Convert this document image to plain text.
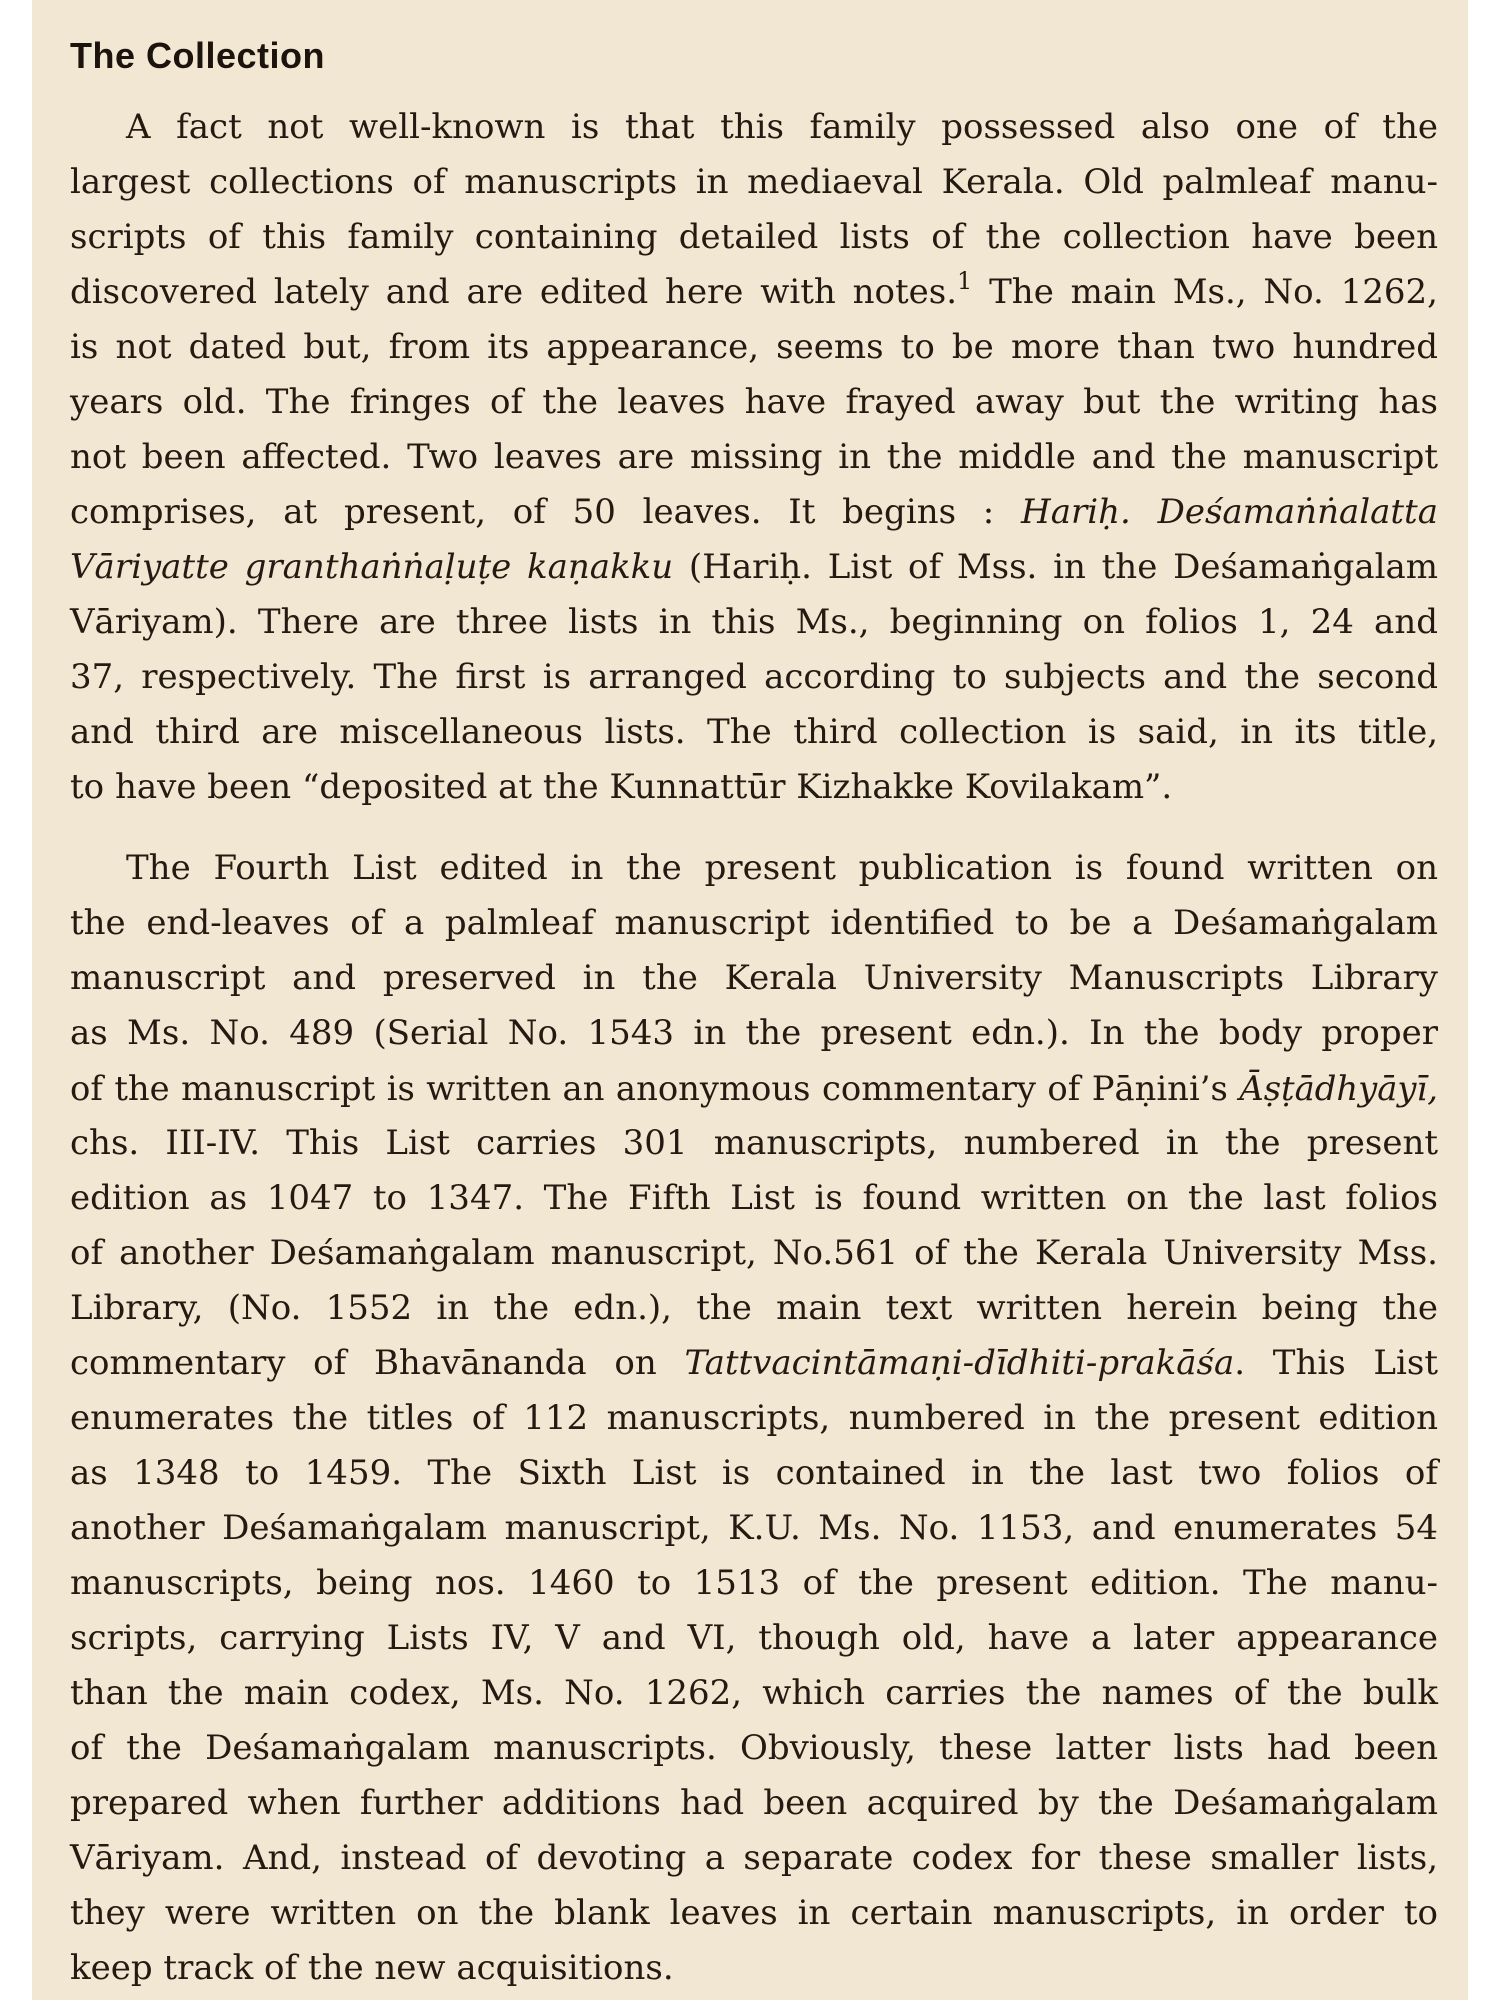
The Collection

A fact not well-known is that this family possessed also one of the
largest collections of manuscripts in mediaeval Kerala. Old palmleaf manu-
scripts of this family containing detailed lists of the collection have been
discovered lately and are edited here with notes.$^1$ The main Ms., No. 1262,
is not dated but, from its appearance, seems to be more than two hundred
years old. The fringes of the leaves have frayed away but the writing has
not been affected. Two leaves are missing in the middle and the manuscript
comprises, at present, of 50 leaves. It begins : Hariḥ. Deśamaṅṅalatta
Vāriyatte granthaṅṅaḷuṭe kaṇakku (Hariḥ. List of Mss. in the Deśamaṅgalam
Vāriyam). There are three lists in this Ms., beginning on folios 1, 24 and
37, respectively. The first is arranged according to subjects and the second
and third are miscellaneous lists. The third collection is said, in its title,
to have been “deposited at the Kunnattūr Kizhakke Kovilakam”.

The Fourth List edited in the present publication is found written on
the end-leaves of a palmleaf manuscript identified to be a Deśamaṅgalam
manuscript and preserved in the Kerala University Manuscripts Library
as Ms. No. 489 (Serial No. 1543 in the present edn.). In the body proper
of the manuscript is written an anonymous commentary of Pāṇini’s Āṣṭādhyāyī,
chs. III-IV. This List carries 301 manuscripts, numbered in the present
edition as 1047 to 1347. The Fifth List is found written on the last folios
of another Deśamaṅgalam manuscript, No.561 of the Kerala University Mss.
Library, (No. 1552 in the edn.), the main text written herein being the
commentary of Bhavānanda on Tattvacintāmaṇi-dīdhiti-prakāśa. This List
enumerates the titles of 112 manuscripts, numbered in the present edition
as 1348 to 1459. The Sixth List is contained in the last two folios of
another Deśamaṅgalam manuscript, K.U. Ms. No. 1153, and enumerates 54
manuscripts, being nos. 1460 to 1513 of the present edition. The manu-
scripts, carrying Lists IV, V and VI, though old, have a later appearance
than the main codex, Ms. No. 1262, which carries the names of the bulk
of the Deśamaṅgalam manuscripts. Obviously, these latter lists had been
prepared when further additions had been acquired by the Deśamaṅgalam
Vāriyam. And, instead of devoting a separate codex for these smaller lists,
they were written on the blank leaves in certain manuscripts, in order to
keep track of the new acquisitions.
